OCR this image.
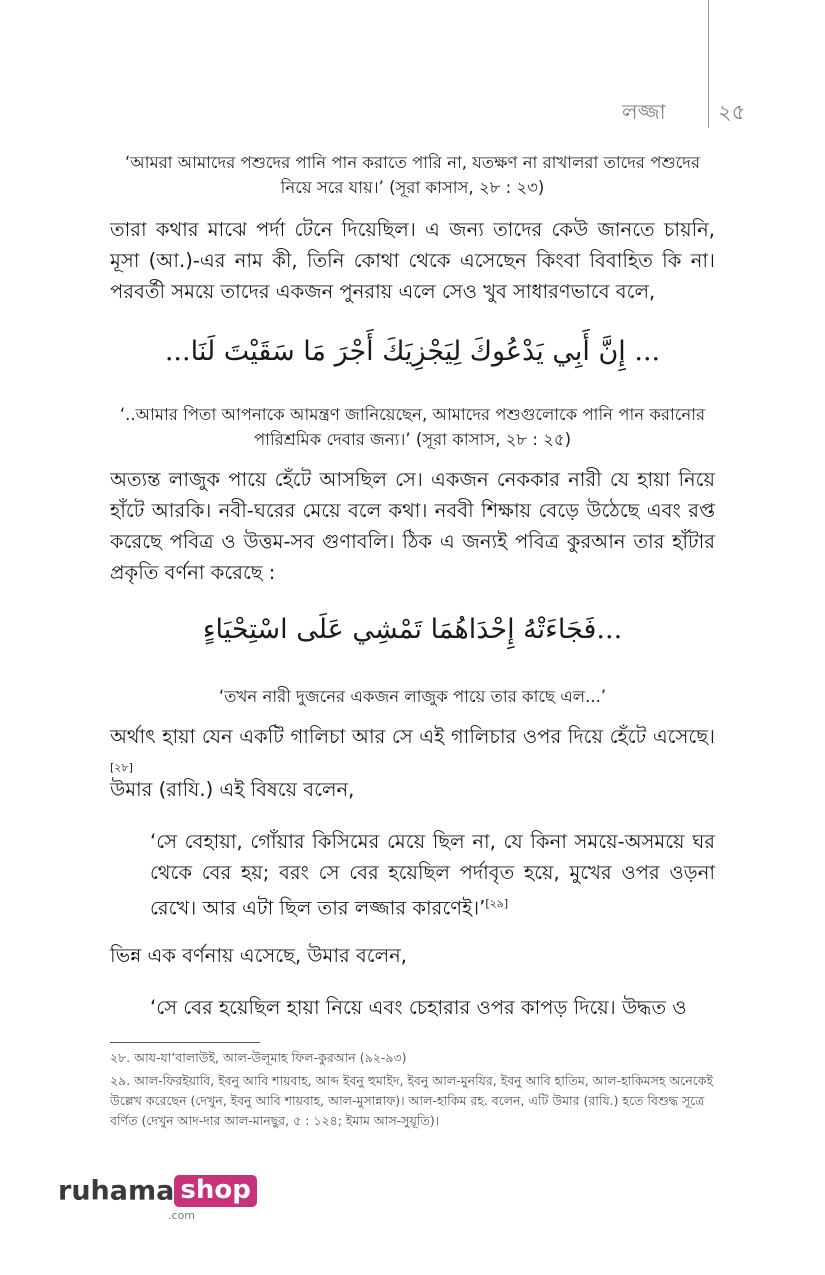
লজ্জা ২৫
‘আমরা আমাদের পশুদের পানি পান করাতে পারি না, যতক্ষণ না রাখালরা তাদের পশুদের নিয়ে সরে যায়।’ (সূরা কাসাস, ২৮ : ২৩)
তারা কথার মাঝে পর্দা টেনে দিয়েছিল। এ জন্য তাদের কেউ জানতে চায়নি, মূসা (আ.)-এর নাম কী, তিনি কোথা থেকে এসেছেন কিংবা বিবাহিত কি না। পরবর্তী সময়ে তাদের একজন পুনরায় এলে সেও খুব সাধারণভাবে বলে,
... إِنَّ أَبِي يَدْعُوكَ لِيَجْزِيَكَ أَجْرَ مَا سَقَيْتَ لَنَا...
‘..আমার পিতা আপনাকে আমন্ত্রণ জানিয়েছেন, আমাদের পশুগুলোকে পানি পান করানোর পারিশ্রমিক দেবার জন্য।’ (সূরা কাসাস, ২৮ : ২৫)
অত্যন্ত লাজুক পায়ে হেঁটে আসছিল সে। একজন নেককার নারী যে হায়া নিয়ে হাঁটে আরকি। নবী-ঘরের মেয়ে বলে কথা। নববী শিক্ষায় বেড়ে উঠেছে এবং রপ্ত করেছে পবিত্র ও উত্তম-সব গুণাবলি। ঠিক এ জন্যই পবিত্র কুরআন তার হাঁটার প্রকৃতি বর্ণনা করেছে :
...فَجَاءَتْهُ إِحْدَاهُمَا تَمْشِي عَلَى اسْتِحْيَاءٍ
‘তখন নারী দুজনের একজন লাজুক পায়ে তার কাছে এল...’
অর্থাৎ হায়া যেন একটি গালিচা আর সে এই গালিচার ওপর দিয়ে হেঁটে এসেছে।[২৮]
উমার (রাযি.) এই বিষয়ে বলেন,
‘সে বেহায়া, গোঁয়ার কিসিমের মেয়ে ছিল না, যে কিনা সময়ে-অসময়ে ঘর থেকে বের হয়; বরং সে বের হয়েছিল পর্দাবৃত হয়ে, মুখের ওপর ওড়না রেখে। আর এটা ছিল তার লজ্জার কারণেই।’[২৯]
ভিন্ন এক বর্ণনায় এসেছে, উমার বলেন,
‘সে বের হয়েছিল হায়া নিয়ে এবং চেহারার ওপর কাপড় দিয়ে। উদ্ধত ও
২৮. আয-যা’বালাউই, আল-উলূমাহ ফিল-কুরআন (৯২-৯৩)
২৯. আল-ফিরইয়াবি, ইবনু আবি শায়বাহ, আব্দ ইবনু হুমাইদ, ইবনু আল-মুনযির, ইবনু আবি হাতিম, আল-হাকিমসহ অনেকেই উল্লেখ করেছেন (দেখুন, ইবনু আবি শায়বাহ, আল-মুসান্নাফ)। আল-হাকিম রহ. বলেন, এটি উমার (রাযি.) হতে বিশুদ্ধ সূত্রে বর্ণিত (দেখুন আদ-দার আল-মানছুর, ৫ : ১২৪; ইমাম আস-সুয়ূতি)।
ruhama shop
.com
